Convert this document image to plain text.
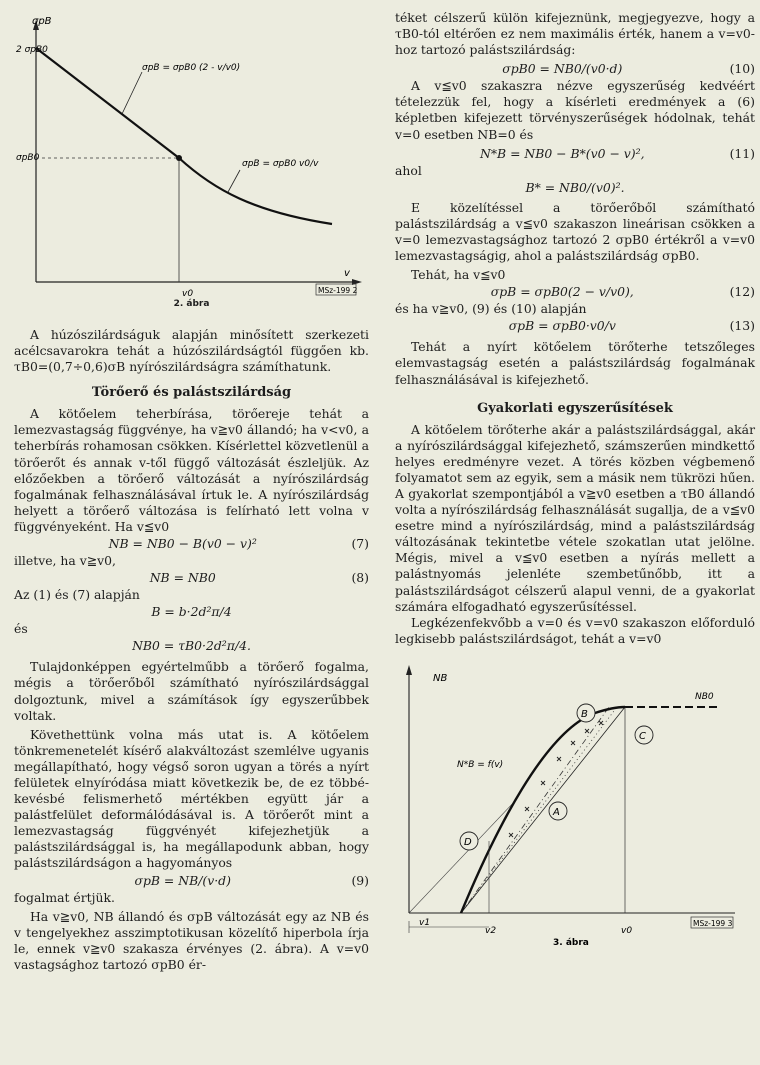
σpB
2 σpB0
σpB0
v
v0
σpB = σpB0 (2 - v/v0)
σpB = σpB0 v0/v
MSz-199 2
2. ábra

A húzószilárdságuk alapján minősített szerkezeti acélcsavarokra tehát a húzószilárdságtól függően kb. τB0=(0,7÷0,6)σB nyírószilárdságra számíthatunk.

Törőerő és palástszilárdság

A kötőelem teherbírása, törőereje tehát a lemezvastagság függvénye, ha v≧v0 állandó; ha v<v0, a teherbírás rohamosan csökken. Kísérlettel közvetlenül a törőerőt és annak v-től függő változását észleljük. Az előzőekben a törőerő változását a nyírószilárdság fogalmának felhasználásával írtuk le. A nyírószilárdság helyett a törőerő változása is felírható lett volna v függvényeként. Ha v≦v0

NB = NB0 − B(v0 − v)²	(7)

illetve, ha v≧v0,

NB = NB0	(8)

Az (1) és (7) alapján

B = b·2d²π/4

és

NB0 = τB0·2d²π/4.

Tulajdonképpen egyértelműbb a törőerő fogalma, mégis a törőerőből számítható nyírószilárdsággal dolgoztunk, mivel a számítások így egyszerűbbek voltak.

Követhettünk volna más utat is. A kötőelem tönkremenetelét kísérő alakváltozást szemlélve ugyanis megállapítható, hogy végső soron ugyan a törés a nyírt felületek elnyíródása miatt következik be, de ez többé-kevésbé felismerhető mértékben együtt jár a palástfelület deformálódásával is. A törőerőt mint a lemezvastagság függvényét kifejezhetjük a palástszilárdsággal is, ha megállapodunk abban, hogy palástszilárdságon a hagyományos

σpB = NB/(v·d)	(9)

fogalmat értjük.

Ha v≧v0, NB állandó és σpB változását egy az NB és v tengelyekhez asszimptotikusan közelítő hiperbola írja le, ennek v≧v0 szakasza érvényes (2. ábra). A v=v0 vastagsághoz tartozó σpB0 ér-

téket célszerű külön kifejeznünk, megjegyezve, hogy a τB0-tól eltérően ez nem maximális érték, hanem a v=v0-hoz tartozó palástszilárdság:

σpB0 = NB0/(v0·d)	(10)

A v≦v0 szakaszra nézve egyszerűség kedvéért tételezzük fel, hogy a kísérleti eredmények a (6) képletben kifejezett törvényszerűségek hódolnak, tehát v=0 esetben NB=0 és

N*B = NB0 − B*(v0 − v)²,	(11)

ahol

B* = NB0/(v0)².

E közelítéssel a törőerőből számítható palástszilárdság a v≦v0 szakaszon lineárisan csökken a v=0 lemezvastagsághoz tartozó 2 σpB0 értékről a v=v0 lemezvastagságig, ahol a palástszilárdság σpB0.

Tehát, ha v≦v0

σpB = σpB0(2 − v/v0),	(12)

és ha v≧v0, (9) és (10) alapján

σpB = σpB0·v0/v	(13)

Tehát a nyírt kötőelem törőterhe tetszőleges elemvastagság esetén a palástszilárdság fogalmának felhasználásával is kifejezhető.

Gyakorlati egyszerűsítések

A kötőelem törőterhe akár a palástszilárdsággal, akár a nyírószilárdsággal kifejezhető, számszerűen mindkettő helyes eredményre vezet. A törés közben végbemenő folyamatot sem az egyik, sem a másik nem tükrözi hűen. A gyakorlat szempontjából a v≧v0 esetben a τB0 állandó volta a nyírószilárdság felhasználását sugallja, de a v≦v0 esetre mind a nyírószilárdság, mind a palástszilárdság változásának tekintetbe vétele szokatlan utat jelölne. Mégis, mivel a v≦v0 esetben a nyírás mellett a palástnyomás jelenléte szembetűnőbb, itt a palástszilárdságot célszerű alapul venni, de a gyakorlat számára elfogadható egyszerűsítéssel.

Legkézenfekvőbb a v=0 és v=v0 szakaszon előforduló legkisebb palástszilárdságot, tehát a v=v0

NB
NB0
B
C
A
D
N*B = f(v)
v1
v2	v0
MSz-199 3
3. ábra
